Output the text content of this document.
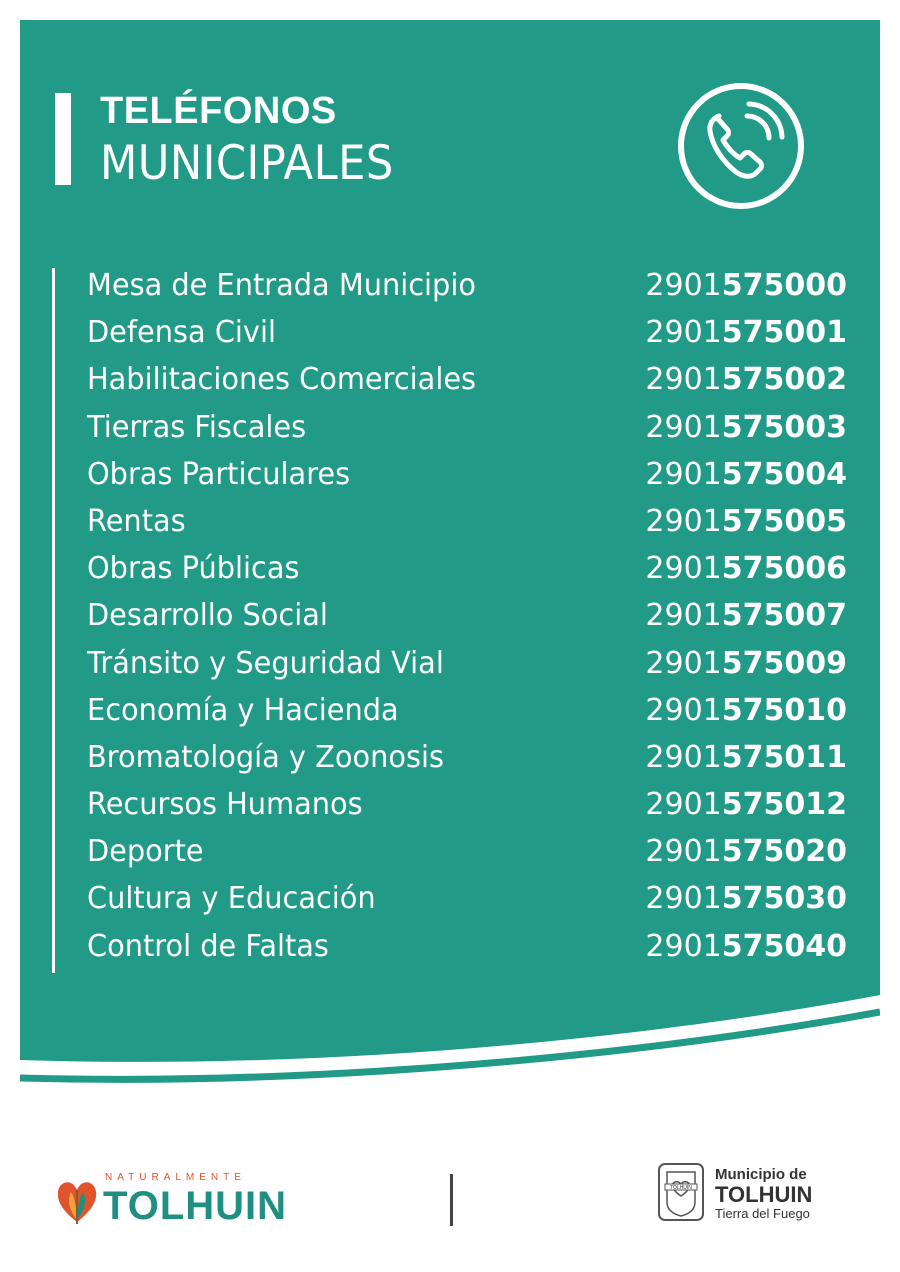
TELÉFONOS
MUNICIPALES
Mesa de Entrada Municipio	2901575000
Defensa Civil	2901575001
Habilitaciones Comerciales	2901575002
Tierras Fiscales	2901575003
Obras Particulares	2901575004
Rentas	2901575005
Obras Públicas	2901575006
Desarrollo Social	2901575007
Tránsito y Seguridad Vial	2901575009
Economía y Hacienda	2901575010
Bromatología y Zoonosis	2901575011
Recursos Humanos	2901575012
Deporte	2901575020
Cultura y Educación	2901575030
Control de Faltas	2901575040
NATURALMENTE
TOLHUIN	TOLHUIN
Municipio de
TOLHUIN
Tierra del Fuego
